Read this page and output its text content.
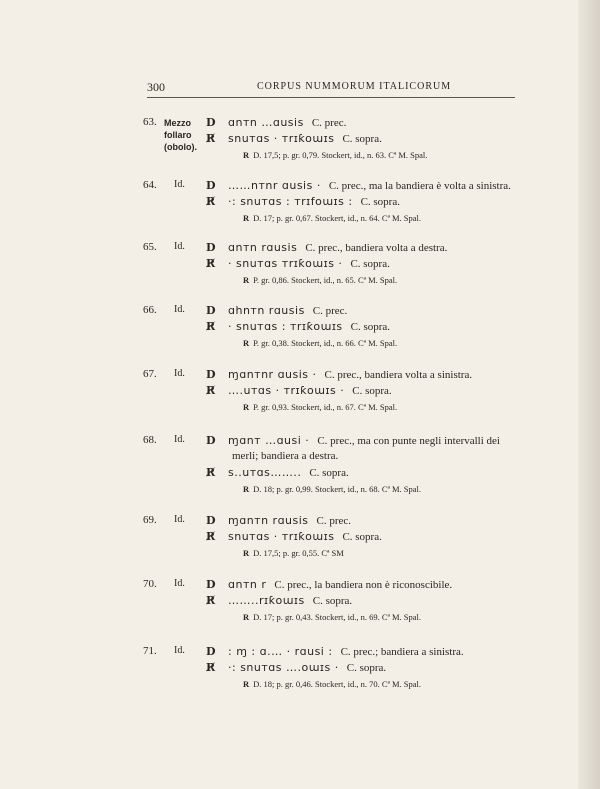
300	CORPUS NUMMORUM ITALICORUM
63. Mezzo follaro (obolo).
D ɑnтn …ɑusis C. prec.
R̸ snuтɑs · тrɪƙoɯɪs C. sopra.
R D. 17,5; p. gr. 0,79. Stockert, id., n. 63. Cª M. Spal.
64. Id. D ……nтnr ɑusis · C. prec., ma la bandiera è volta a sinistra.
R̸ ·: snuтɑs : тrɪfoɯɪs : C. sopra.
R D. 17; p. gr. 0,67. Stockert, id., n. 64. Cª M. Spal.
65. Id. D ɑnтn rɑusis C. prec., bandiera volta a destra.
R̸ · snuтɑs тrɪƙoɯɪs · C. sopra.
R P. gr. 0,86. Stockert, id., n. 65. Cª M. Spal.
66. Id. D ɑhnтn rɑusis C. prec.
R̸ · snuтɑs : тrɪƙoɯɪs C. sopra.
R P. gr. 0,38. Stockert, id., n. 66. Cª M. Spal.
67. Id. D ɱɑnтnr ɑusis · C. prec., bandiera volta a sinistra.
R̸ ….uтɑs · тrɪƙoɯɪs · C. sopra.
R P. gr. 0,93. Stockert, id., n. 67. Cª M. Spal.
68. Id. D ɱɑnт …ɑusi · C. prec., ma con punte negli intervalli dei
merli; bandiera a destra.
R̸ s..uтɑs…….. C. sopra.
R D. 18; p. gr. 0,99. Stockert, id., n. 68. Cª M. Spal.
69. Id. D ɱɑnтn rɑusis C. prec.
R̸ snuтɑs · тrɪƙoɯɪs C. sopra.
R D. 17,5; p. gr. 0,55. Cª SM
70. Id. D ɑnтn r C. prec., la bandiera non è riconoscibile.
R̸ ……..rɪƙoɯɪs C. sopra.
R D. 17; p. gr. 0,43. Stockert, id., n. 69. Cª M. Spal.
71. Id. D : ɱ : ɑ.… · rɑusi : C. prec.; bandiera a sinistra.
R̸ ·: snuтɑs ….oɯɪs · C. sopra.
R D. 18; p. gr. 0,46. Stockert, id., n. 70. Cª M. Spal.
